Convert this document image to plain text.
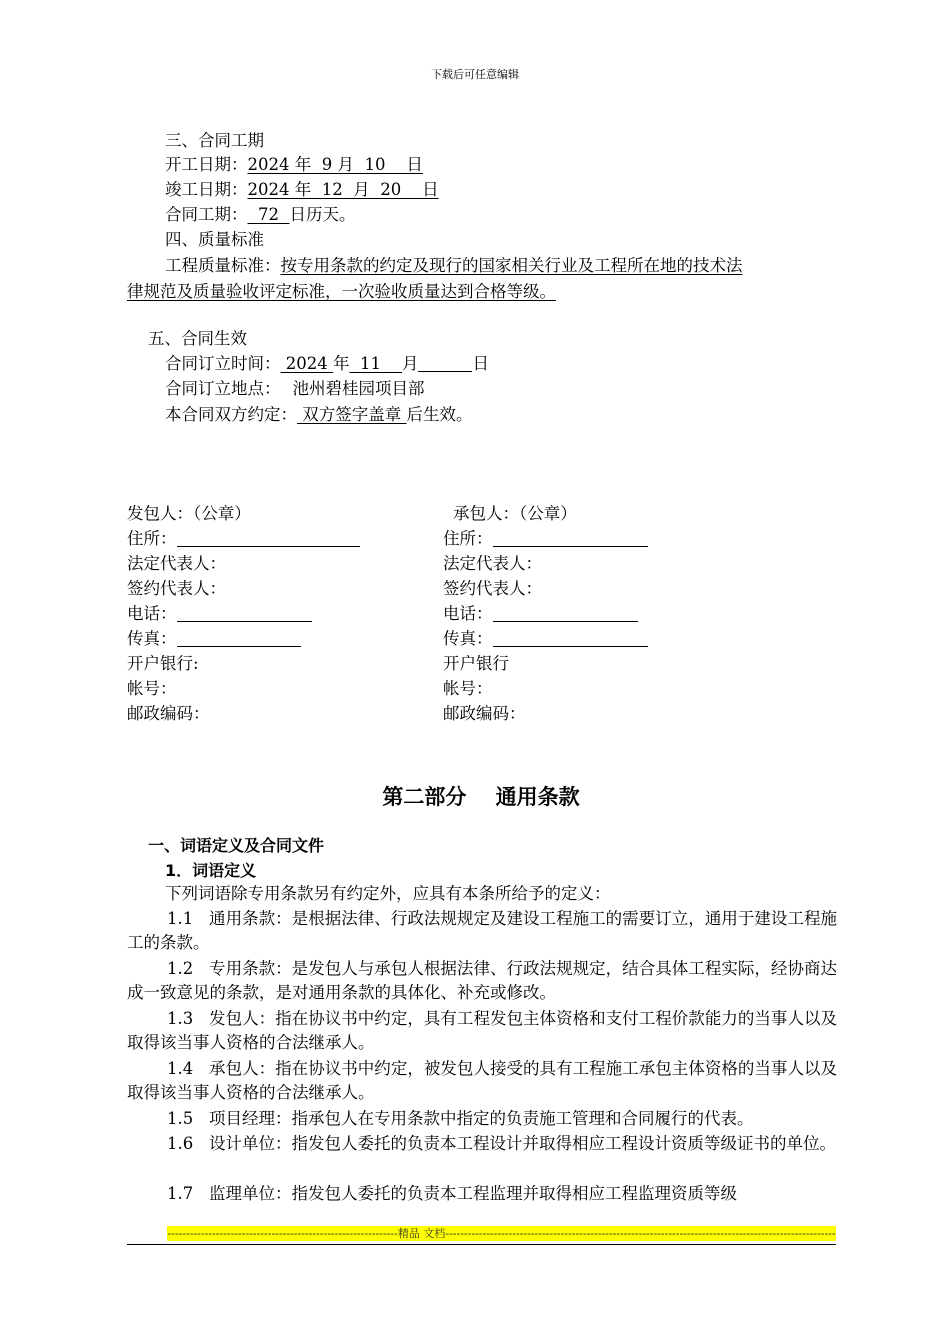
下载后可任意编辑
三、合同工期
开工日期：2024 年  9 月  10    日
竣工日期：2024 年  12  月  20    日
合同工期：  72  日历天。
四、质量标准
工程质量标准：按专用条款的约定及现行的国家相关行业及工程所在地的技术法
律规范及质量验收评定标准，一次验收质量达到合格等级。
五、合同生效
合同订立时间： 2024 年  11    月	日
合同订立地点： 池州碧桂园项目部
本合同双方约定： 双方签字盖章 后生效。
发包人：（公章）
住所：
法定代表人：
签约代表人：
电话：
传真：
开户银行:
帐号：
邮政编码：
承包人：（公章）
住所：
法定代表人：
签约代表人：
电话：
传真：
开户银行
帐号：
邮政编码：
第二部分    通用条款
一、词语定义及合同文件
1．词语定义
下列词语除专用条款另有约定外，应具有本条所给予的定义：
1.1   通用条款：是根据法律、行政法规规定及建设工程施工的需要订立，通用于建设工程施工的条款。
1.2   专用条款：是发包人与承包人根据法律、行政法规规定，结合具体工程实际，经协商达成一致意见的条款，是对通用条款的具体化、补充或修改。
1.3   发包人：指在协议书中约定，具有工程发包主体资格和支付工程价款能力的当事人以及取得该当事人资格的合法继承人。
1.4   承包人：指在协议书中约定，被发包人接受的具有工程施工承包主体资格的当事人以及取得该当事人资格的合法继承人。
1.5   项目经理：指承包人在专用条款中指定的负责施工管理和合同履行的代表。
1.6   设计单位：指发包人委托的负责本工程设计并取得相应工程设计资质等级证书的单位。
1.7   监理单位：指发包人委托的负责本工程监理并取得相应工程监理资质等级
--------------------------------------------------------------精品 文档---------------------------------------------------------------------------------------------------------
